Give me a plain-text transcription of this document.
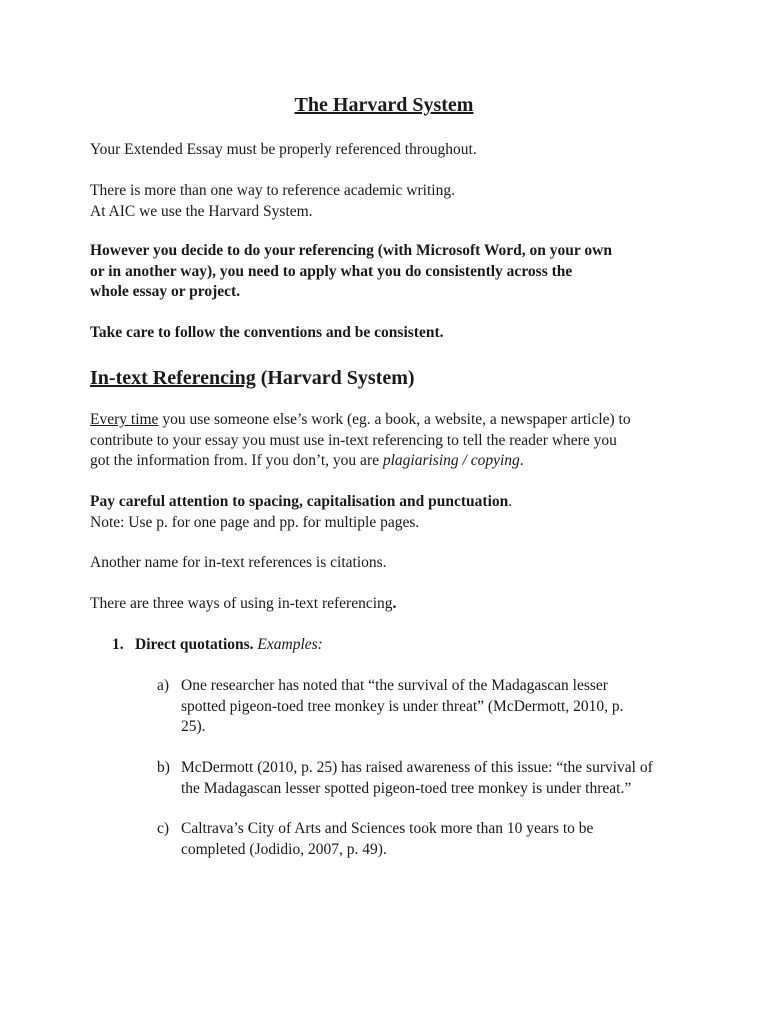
The Harvard System

Your Extended Essay must be properly referenced throughout.

There is more than one way to reference academic writing.
At AIC we use the Harvard System.

However you decide to do your referencing (with Microsoft Word, on your own
or in another way), you need to apply what you do consistently across the
whole essay or project.

Take care to follow the conventions and be consistent.

In-text Referencing (Harvard System)

Every time you use someone else’s work (eg. a book, a website, a newspaper article) to
contribute to your essay you must use in-text referencing to tell the reader where you
got the information from. If you don’t, you are plagiarising / copying.

Pay careful attention to spacing, capitalisation and punctuation.
Note: Use p. for one page and pp. for multiple pages.

Another name for in-text references is citations.

There are three ways of using in-text referencing.

1. Direct quotations. Examples:

a) One researcher has noted that “the survival of the Madagascan lesser
spotted pigeon-toed tree monkey is under threat” (McDermott, 2010, p.
25).

b) McDermott (2010, p. 25) has raised awareness of this issue: “the survival of
the Madagascan lesser spotted pigeon-toed tree monkey is under threat.”

c) Caltrava’s City of Arts and Sciences took more than 10 years to be
completed (Jodidio, 2007, p. 49).
